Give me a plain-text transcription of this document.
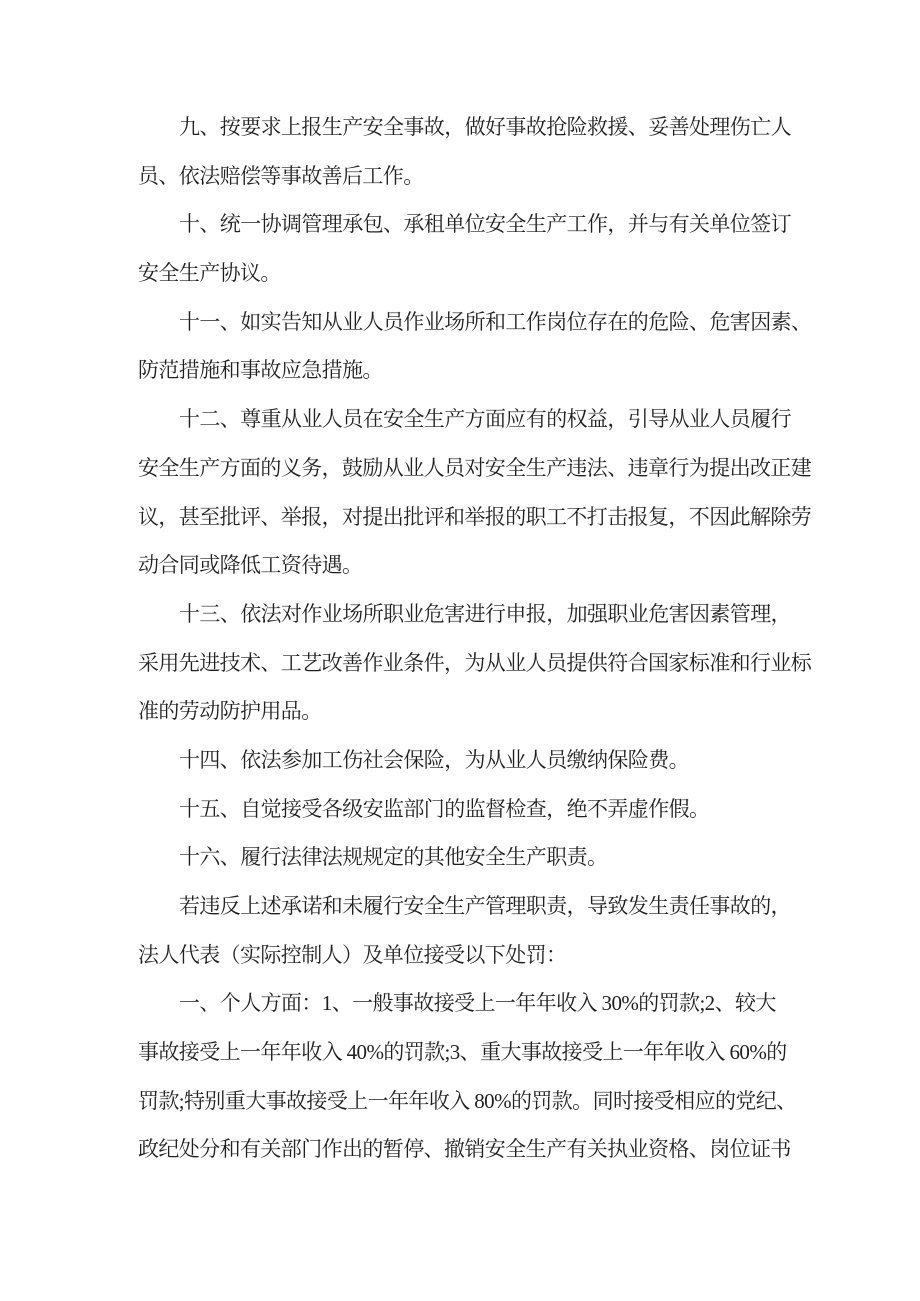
九、按要求上报生产安全事故，做好事故抢险救援、妥善处理伤亡人
员、依法赔偿等事故善后工作。
十、统一协调管理承包、承租单位安全生产工作，并与有关单位签订
安全生产协议。
十一、如实告知从业人员作业场所和工作岗位存在的危险、危害因素、
防范措施和事故应急措施。
十二、尊重从业人员在安全生产方面应有的权益，引导从业人员履行
安全生产方面的义务，鼓励从业人员对安全生产违法、违章行为提出改正建
议，甚至批评、举报，对提出批评和举报的职工不打击报复，不因此解除劳
动合同或降低工资待遇。
十三、依法对作业场所职业危害进行申报，加强职业危害因素管理，
采用先进技术、工艺改善作业条件，为从业人员提供符合国家标准和行业标
准的劳动防护用品。
十四、依法参加工伤社会保险，为从业人员缴纳保险费。
十五、自觉接受各级安监部门的监督检查，绝不弄虚作假。
十六、履行法律法规规定的其他安全生产职责。
若违反上述承诺和未履行安全生产管理职责，导致发生责任事故的，
法人代表（实际控制人）及单位接受以下处罚：
一、个人方面：1、一般事故接受上一年年收入 30%的罚款;2、较大
事故接受上一年年收入 40%的罚款;3、重大事故接受上一年年收入 60%的
罚款;特别重大事故接受上一年年收入 80%的罚款。同时接受相应的党纪、
政纪处分和有关部门作出的暂停、撤销安全生产有关执业资格、岗位证书
